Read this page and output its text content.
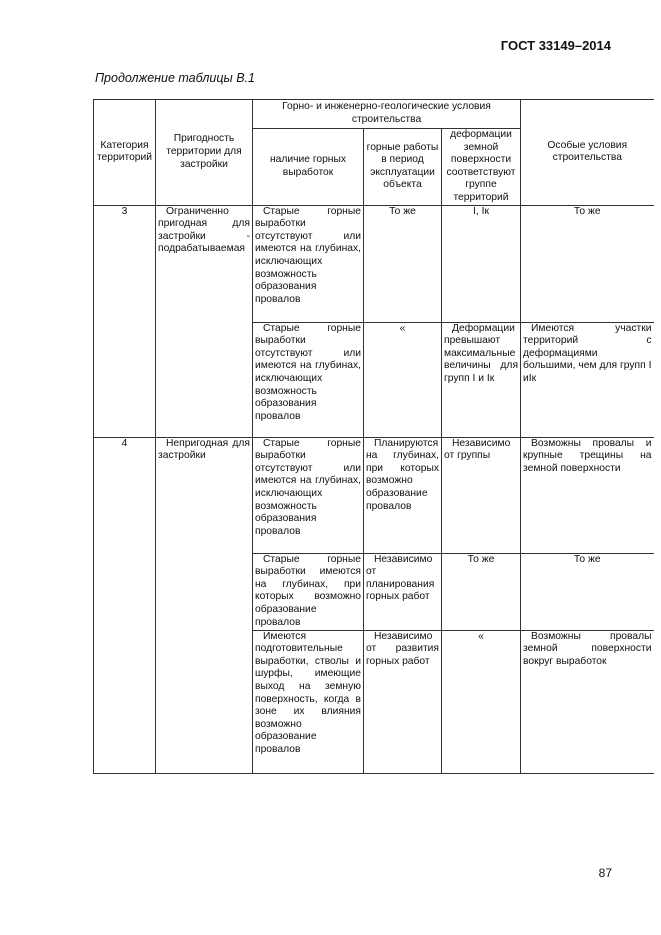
ГОСТ 33149–2014
Продолжение таблицы В.1
Категория территорий	Пригодность территории для застройки	Горно- и инженерно-геологические условия строительства			Особые условия строительства
		наличие горных выработок	горные работы в период эксплуатации объекта	деформации земной поверхности соответствуют группе территорий	
3	Ограниченно пригодная для застройки - подрабатываемая	Старые горные выработки отсутствуют или имеются на глубинах, исключающих возможность образования провалов	То же	I, Iк	То же
		Старые горные выработки отсутствуют или имеются на глубинах, исключающих возможность образования провалов	«	Деформации превышают максимальные величины для групп I и Iк	Имеются участки территорий с деформациями большими, чем для групп I иIк
4	Непригодная для застройки	Старые горные выработки отсутствуют или имеются на глубинах, исключающих возможность образования провалов	Планируются на глубинах, при которых возможно образование провалов	Независимо от группы	Возможны провалы и крупные трещины на земной поверхности
		Старые горные выработки имеются на глубинах, при которых возможно образование провалов	Независимо от планирования горных работ	То же	То же
		Имеются подготовительные выработки, стволы и шурфы, имеющие выход на земную поверхность, когда в зоне их влияния возможно образование провалов	Независимо от развития горных работ	«	Возможны провалы земной поверхности вокруг выработок
87
